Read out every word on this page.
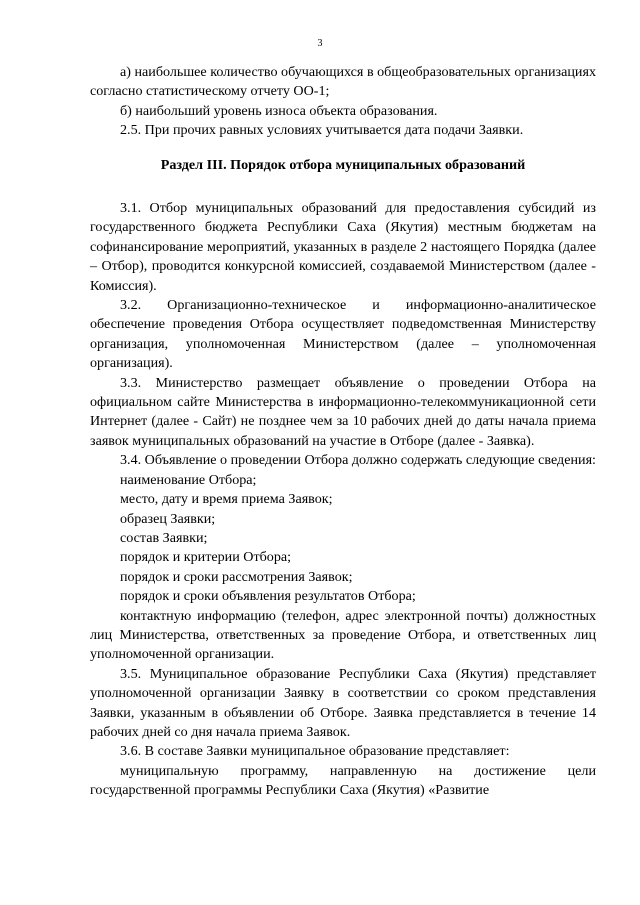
3

а) наибольшее количество обучающихся в общеобразовательных организациях согласно статистическому отчету ОО-1;

б) наибольший уровень износа объекта образования.

2.5. При прочих равных условиях учитывается дата подачи Заявки.

Раздел III. Порядок отбора муниципальных образований

3.1. Отбор муниципальных образований для предоставления субсидий из государственного бюджета Республики Саха (Якутия) местным бюджетам на софинансирование мероприятий, указанных в разделе 2 настоящего Порядка (далее – Отбор), проводится конкурсной комиссией, создаваемой Министерством (далее - Комиссия).

3.2. Организационно-техническое и информационно-аналитическое обеспечение проведения Отбора осуществляет подведомственная Министерству организация, уполномоченная Министерством (далее – уполномоченная организация).

3.3. Министерство размещает объявление о проведении Отбора на официальном сайте Министерства в информационно-телекоммуникационной сети Интернет (далее - Сайт) не позднее чем за 10 рабочих дней до даты начала приема заявок муниципальных образований на участие в Отборе (далее - Заявка).

3.4. Объявление о проведении Отбора должно содержать следующие сведения:

наименование Отбора;

место, дату и время приема Заявок;

образец Заявки;

состав Заявки;

порядок и критерии Отбора;

порядок и сроки рассмотрения Заявок;

порядок и сроки объявления результатов Отбора;

контактную информацию (телефон, адрес электронной почты) должностных лиц Министерства, ответственных за проведение Отбора, и ответственных лиц уполномоченной организации.

3.5. Муниципальное образование Республики Саха (Якутия) представляет уполномоченной организации Заявку в соответствии со сроком представления Заявки, указанным в объявлении об Отборе. Заявка представляется в течение 14 рабочих дней со дня начала приема Заявок.

3.6. В составе Заявки муниципальное образование представляет:

муниципальную программу, направленную на достижение цели государственной программы Республики Саха (Якутия) «Развитие
